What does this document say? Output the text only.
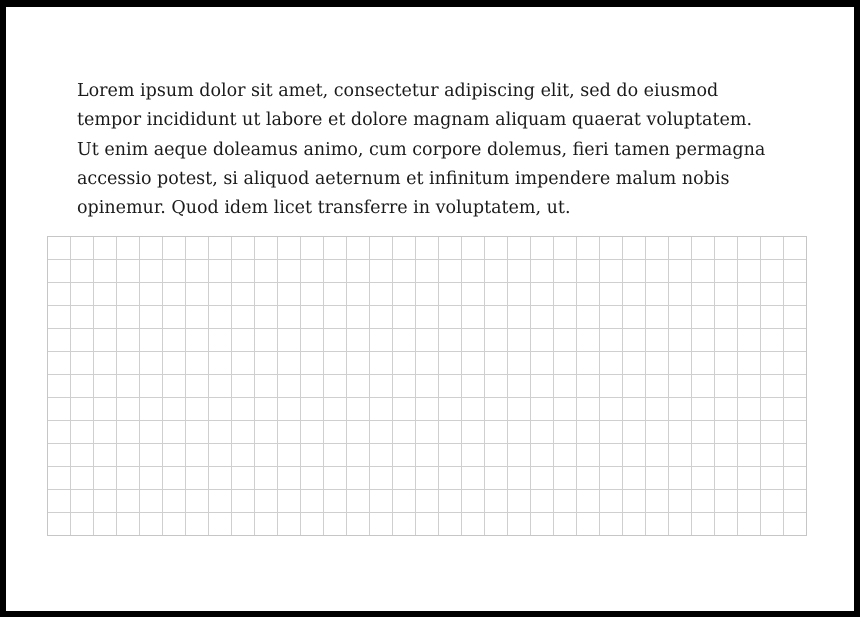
Lorem ipsum dolor sit amet, consectetur adipiscing elit, sed do eiusmod
tempor incididunt ut labore et dolore magnam aliquam quaerat voluptatem.
Ut enim aeque doleamus animo, cum corpore dolemus, fieri tamen permagna
accessio potest, si aliquod aeternum et infinitum impendere malum nobis
opinemur. Quod idem licet transferre in voluptatem, ut.
